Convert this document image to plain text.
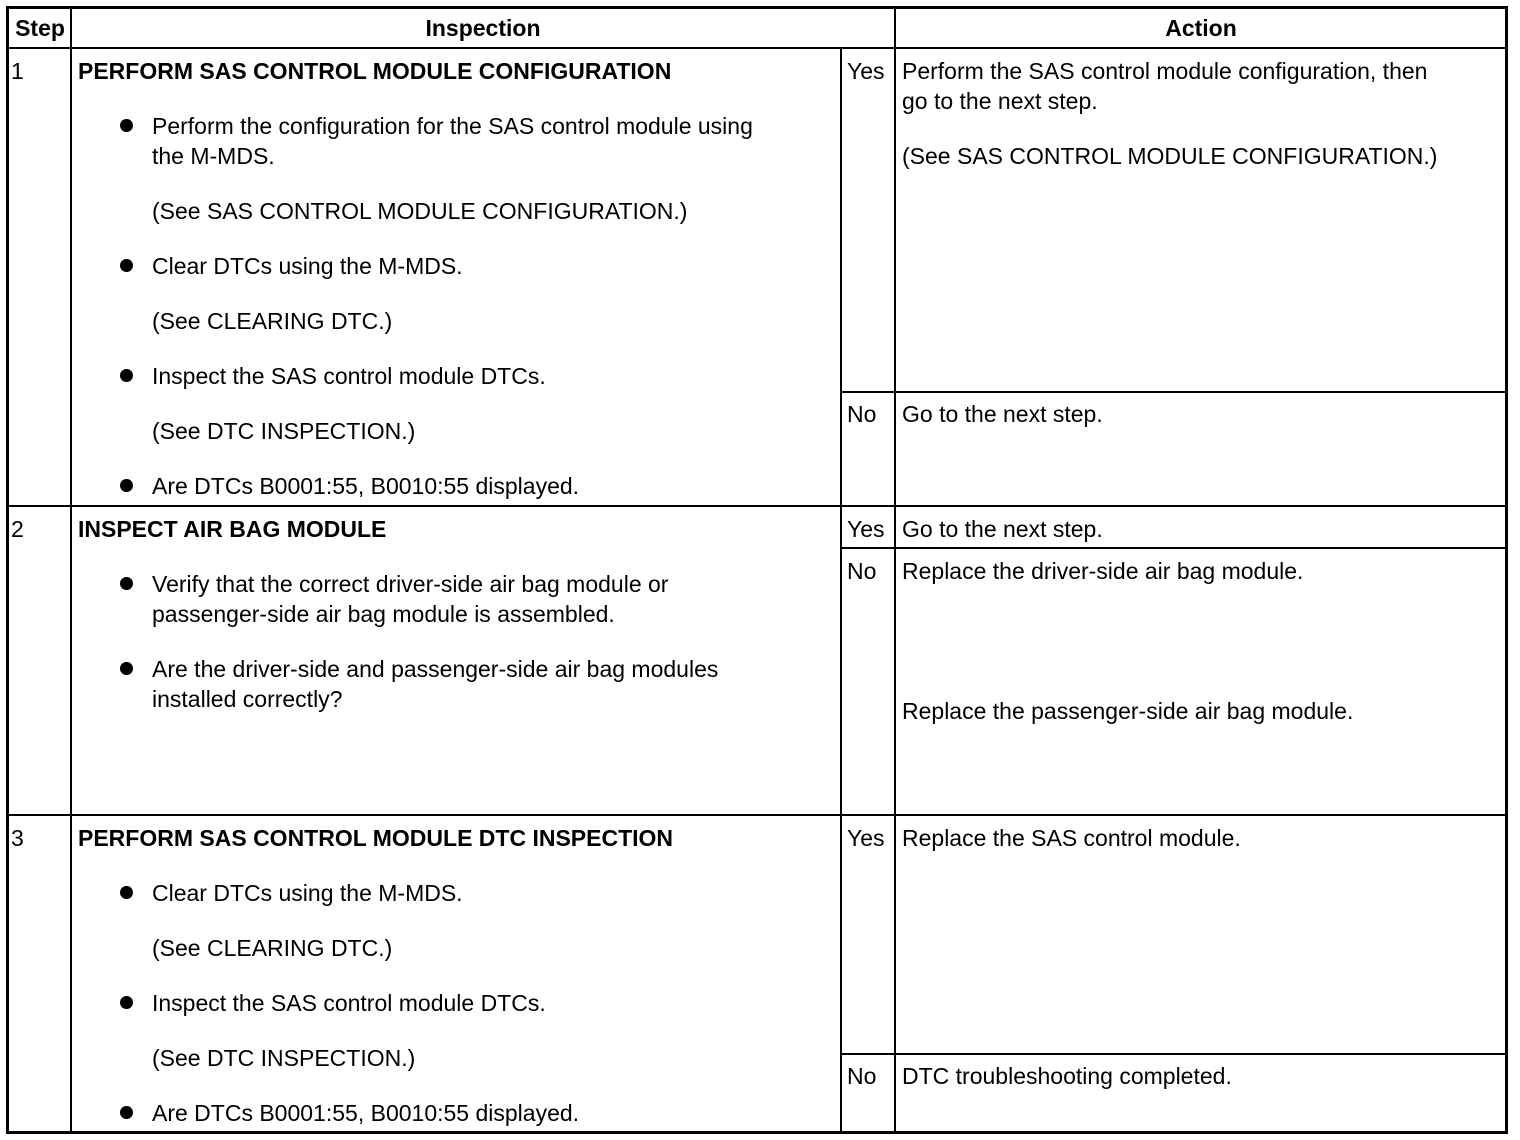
Step	Inspection	Action
1 PERFORM SAS CONTROL MODULE CONFIGURATION
Perform the configuration for the SAS control module using
the M-MDS.
(See SAS CONTROL MODULE CONFIGURATION.)
Clear DTCs using the M-MDS.
(See CLEARING DTC.)
Inspect the SAS control module DTCs.
(See DTC INSPECTION.)
Are DTCs B0001:55, B0010:55 displayed.
Yes Perform the SAS control module configuration, then
go to the next step.
(See SAS CONTROL MODULE CONFIGURATION.)
No Go to the next step.
2 INSPECT AIR BAG MODULE
Verify that the correct driver-side air bag module or
passenger-side air bag module is assembled.
Are the driver-side and passenger-side air bag modules
installed correctly?
Yes Go to the next step.
No Replace the driver-side air bag module.
Replace the passenger-side air bag module.
3 PERFORM SAS CONTROL MODULE DTC INSPECTION
Clear DTCs using the M-MDS.
(See CLEARING DTC.)
Inspect the SAS control module DTCs.
(See DTC INSPECTION.)
Are DTCs B0001:55, B0010:55 displayed.
Yes Replace the SAS control module.
No DTC troubleshooting completed.
